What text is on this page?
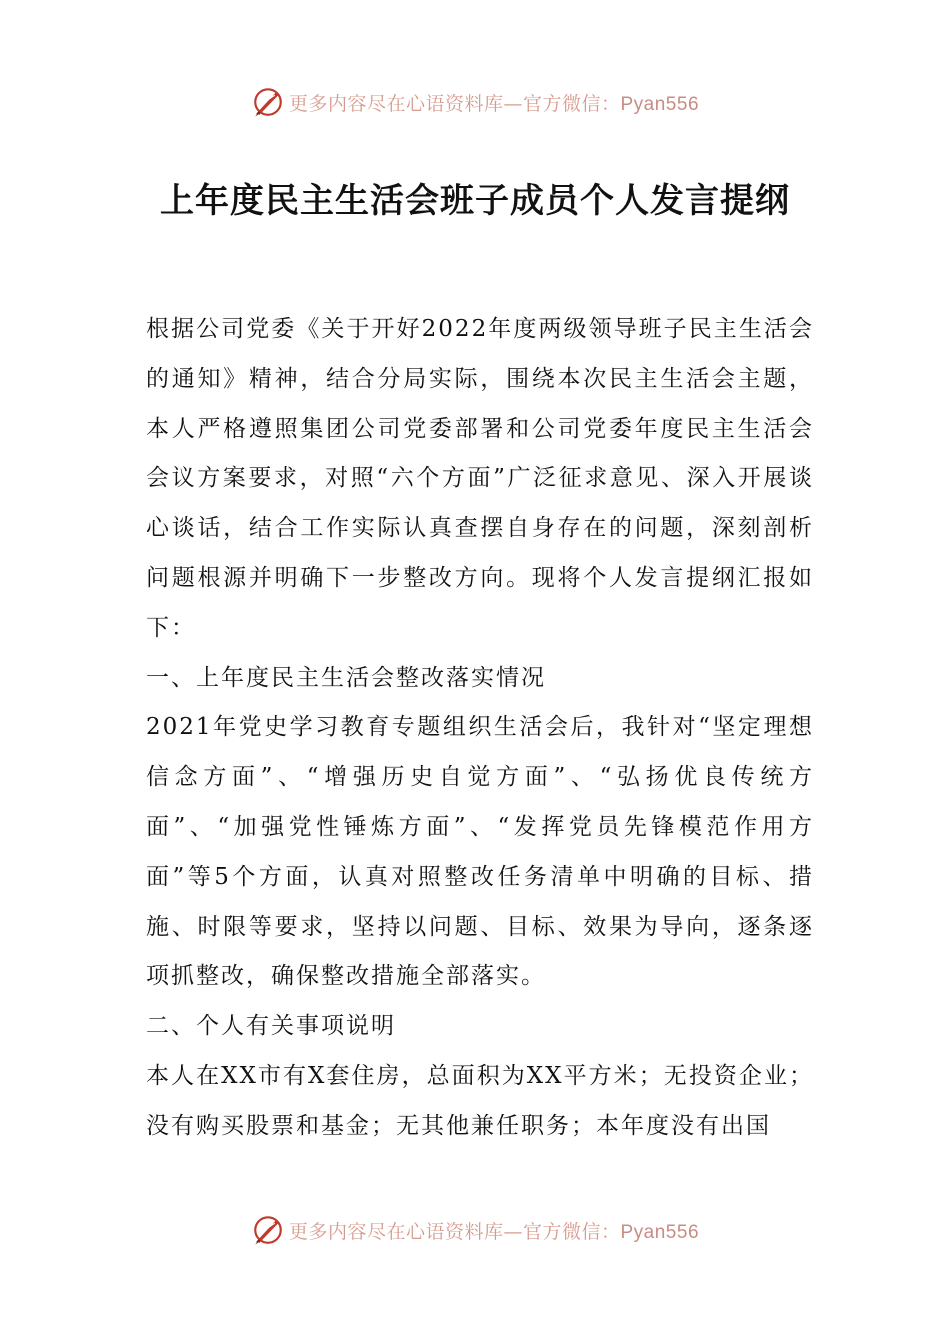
更多内容尽在心语资料库—官方微信：Pyan556
上年度民主生活会班子成员个人发言提纲

根据公司党委《关于开好2022年度两级领导班子民主生活会的通知》精神，结合分局实际，围绕本次民主生活会主题，本人严格遵照集团公司党委部署和公司党委年度民主生活会会议方案要求，对照“六个方面”广泛征求意见、深入开展谈心谈话，结合工作实际认真查摆自身存在的问题，深刻剖析问题根源并明确下一步整改方向。现将个人发言提纲汇报如下：

一、上年度民主生活会整改落实情况

2021年党史学习教育专题组织生活会后，我针对“坚定理想信念方面”、“增强历史自觉方面”、“弘扬优良传统方面”、“加强党性锤炼方面”、“发挥党员先锋模范作用方面”等5个方面，认真对照整改任务清单中明确的目标、措施、时限等要求，坚持以问题、目标、效果为导向，逐条逐项抓整改，确保整改措施全部落实。

二、个人有关事项说明

本人在XX市有X套住房，总面积为XX平方米；无投资企业；没有购买股票和基金；无其他兼任职务；本年度没有出国

更多内容尽在心语资料库—官方微信：Pyan556
